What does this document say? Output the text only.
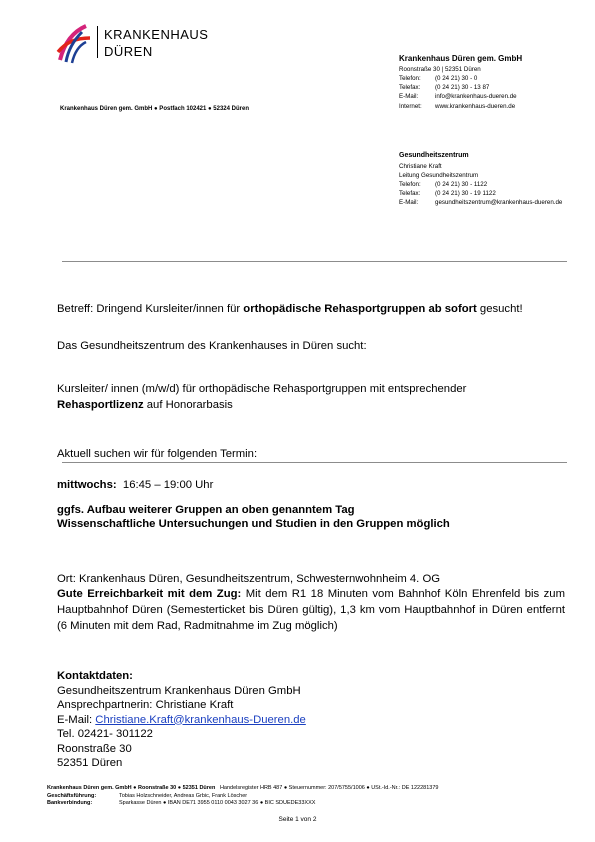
KRANKENHAUS
DÜREN
Krankenhaus Düren gem. GmbH ● Postfach 102421 ● 52324 Düren
Krankenhaus Düren gem. GmbH
Roonstraße 30 | 52351 Düren
Telefon: (0 24 21) 30 - 0
Telefax: (0 24 21) 30 - 13 87
E-Mail:	info@krankenhaus-dueren.de
Internet: www.krankenhaus-dueren.de
Gesundheitszentrum
Christiane Kraft
Leitung Gesundheitszentrum
Telefon: (0 24 21) 30 - 1122
Telefax: (0 24 21) 30 - 19 1122
E-Mail:	gesundheitszentrum@krankenhaus-dueren.de
Betreff: Dringend Kursleiter/innen für orthopädische Rehasportgruppen ab sofort gesucht!
Das Gesundheitszentrum des Krankenhauses in Düren sucht:
Kursleiter/ innen (m/w/d) für orthopädische Rehasportgruppen mit entsprechender
Rehasportlizenz auf Honorarbasis
Aktuell suchen wir für folgenden Termin:
mittwochs: 16:45 – 19:00 Uhr
ggfs. Aufbau weiterer Gruppen an oben genanntem Tag
Wissenschaftliche Untersuchungen und Studien in den Gruppen möglich
Ort: Krankenhaus Düren, Gesundheitszentrum, Schwesternwohnheim 4. OG
Gute Erreichbarkeit mit dem Zug: Mit dem R1 18 Minuten vom Bahnhof Köln Ehrenfeld bis zum Hauptbahnhof Düren (Semesterticket bis Düren gültig), 1,3 km vom Hauptbahnhof in Düren entfernt (6 Minuten mit dem Rad, Radmitnahme im Zug möglich)
Kontaktdaten:
Gesundheitszentrum Krankenhaus Düren GmbH
Ansprechpartnerin: Christiane Kraft
E-Mail: Christiane.Kraft@krankenhaus-Dueren.de
Tel. 02421- 301122
Roonstraße 30
52351 Düren
Krankenhaus Düren gem. GmbH ● Roonstraße 30 ● 52351 Düren Handelsregister HRB 487 ● Steuernummer: 207/5755/1006 ● USt.-Id.-Nr.: DE 122281379
Geschäftsführung:	Tobias Holzschneider, Andreas Grbic, Frank Löscher
Bankverbindung:	Sparkasse Düren ● IBAN DE71 3955 0110 0043 3027 36 ● BIC SDUEDE33XXX
Seite 1 von 2
